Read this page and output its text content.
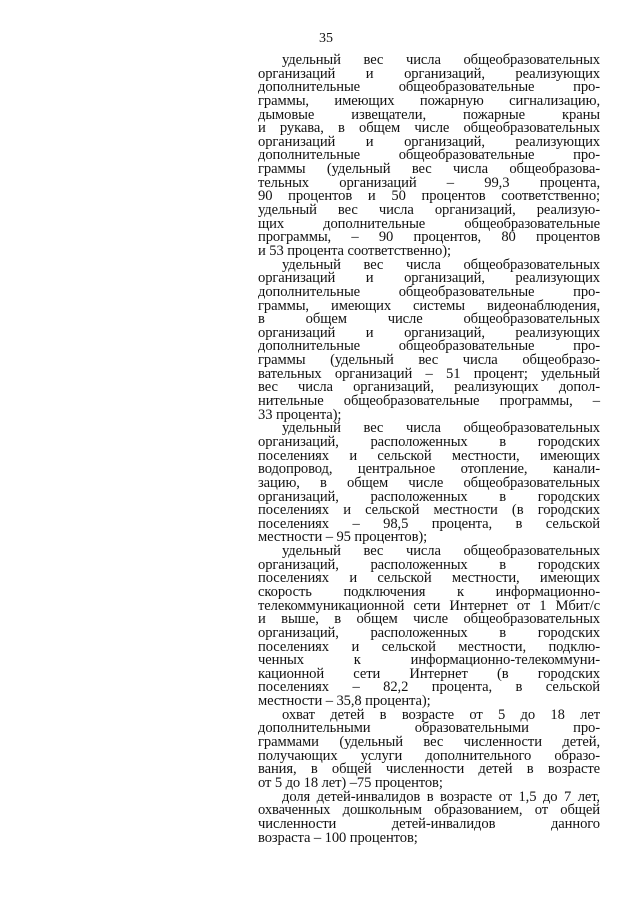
35
удельный вес числа общеобразовательных
организаций и организаций, реализующих
дополнительные общеобразовательные про-
граммы, имеющих пожарную сигнализацию,
дымовые извещатели, пожарные краны
и рукава, в общем числе общеобразовательных
организаций и организаций, реализующих
дополнительные общеобразовательные про-
граммы (удельный вес числа общеобразова-
тельных организаций – 99,3 процента,
90 процентов и 50 процентов соответственно;
удельный вес числа организаций, реализую-
щих дополнительные общеобразовательные
программы, – 90 процентов, 80 процентов
и 53 процента соответственно);
удельный вес числа общеобразовательных
организаций и организаций, реализующих
дополнительные общеобразовательные про-
граммы, имеющих системы видеонаблюдения,
в общем числе общеобразовательных
организаций и организаций, реализующих
дополнительные общеобразовательные про-
граммы (удельный вес числа общеобразо-
вательных организаций – 51 процент; удельный
вес числа организаций, реализующих допол-
нительные общеобразовательные программы, –
33 процента);
удельный вес числа общеобразовательных
организаций, расположенных в городских
поселениях и сельской местности, имеющих
водопровод, центральное отопление, канали-
зацию, в общем числе общеобразовательных
организаций, расположенных в городских
поселениях и сельской местности (в городских
поселениях – 98,5 процента, в сельской
местности – 95 процентов);
удельный вес числа общеобразовательных
организаций, расположенных в городских
поселениях и сельской местности, имеющих
скорость подключения к информационно-
телекоммуникационной сети Интернет от 1 Мбит/с
и выше, в общем числе общеобразовательных
организаций, расположенных в городских
поселениях и сельской местности, подклю-
ченных к информационно-телекоммуни-
кационной сети Интернет (в городских
поселениях – 82,2 процента, в сельской
местности – 35,8 процента);
охват детей в возрасте от 5 до 18 лет
дополнительными образовательными про-
граммами (удельный вес численности детей,
получающих услуги дополнительного образо-
вания, в общей численности детей в возрасте
от 5 до 18 лет) –75 процентов;
доля детей-инвалидов в возрасте от 1,5 до 7 лет,
охваченных дошкольным образованием, от общей
численности детей-инвалидов данного
возраста – 100 процентов;
